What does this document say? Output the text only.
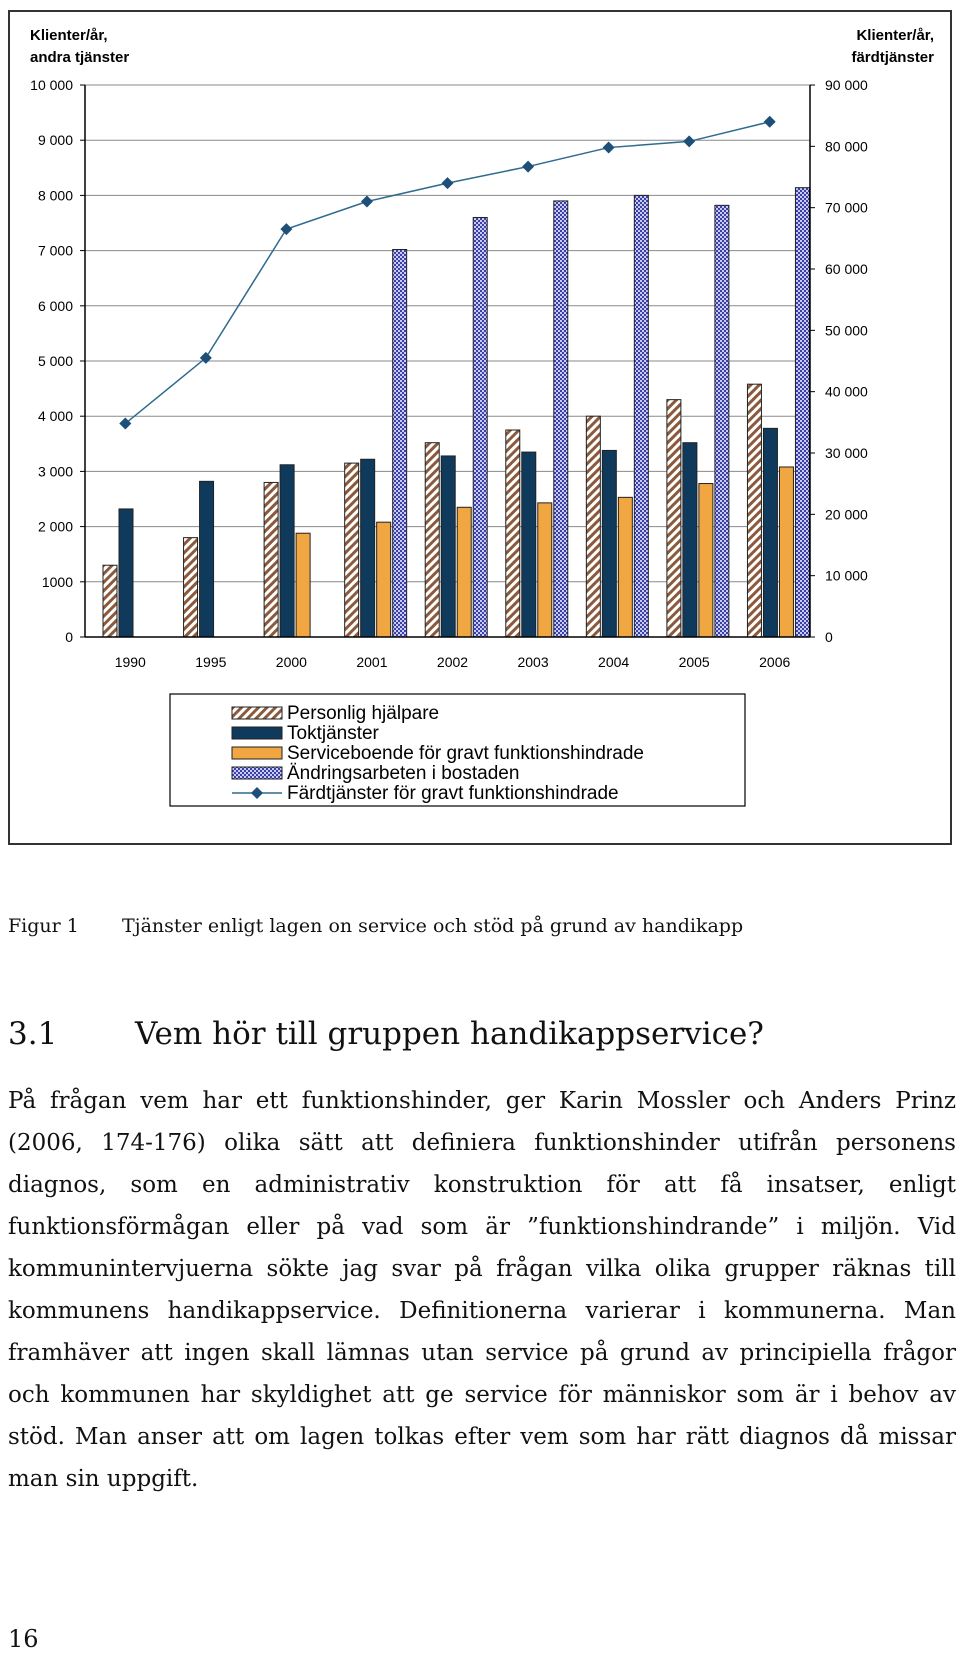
0
1000
2 000
3 000
4 000
5 000
6 000
7 000
8 000
9 000
10 000
0
10 000
20 000
30 000
40 000
50 000
60 000
70 000
80 000
90 000
Klienter/år,
andra tjänster
Klienter/år,
färdtjänster
1990	1995	2000	2001	2002	2003	2004	2005	2006
Personlig hjälpare
Toktjänster
Serviceboende för gravt funktionshindrade
Ändringsarbeten i bostaden
Färdtjänster för gravt funktionshindrade
Figur 1 Tjänster enligt lagen on service och stöd på grund av handikapp
3.1	Vem hör till gruppen handikappservice?

På frågan vem har ett funktionshinder, ger Karin Mossler och Anders Prinz (2006, 174-176) olika sätt att definiera funktionshinder utifrån personens diagnos, som en administrativ konstruktion för att få insatser, enligt funktionsförmågan eller på vad som är ”funktionshindrande” i miljön. Vid kommunintervjuerna sökte jag svar på frågan vilka olika grupper räknas till kommunens handikappservice. Definitionerna varierar i kommunerna. Man framhäver att ingen skall lämnas utan service på grund av principiella frågor och kommunen har skyldighet att ge service för människor som är i behov av stöd. Man anser att om lagen tolkas efter vem som har rätt diagnos då missar man sin uppgift.

16
